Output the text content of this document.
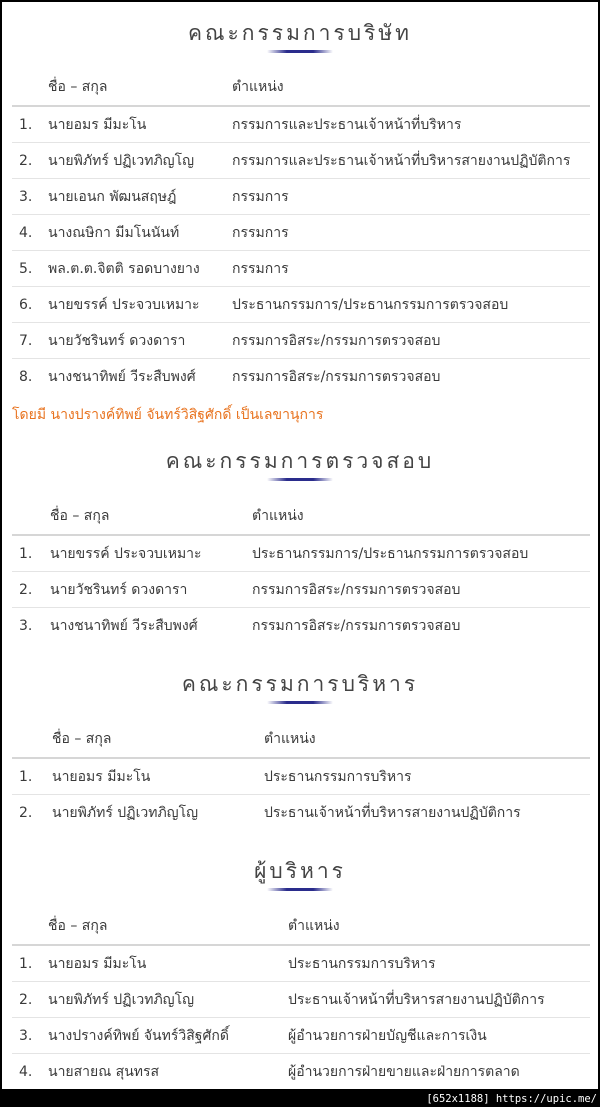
คณะกรรมการบริษัท
	ชื่อ – สกุล	ตำแหน่ง
1.	นายอมร มีมะโน	กรรมการและประธานเจ้าหน้าที่บริหาร
2.	นายพิภัทร์ ปฏิเวทภิญโญ	กรรมการและประธานเจ้าหน้าที่บริหารสายงานปฏิบัติการ
3.	นายเอนก พัฒนสฤษฎ์	กรรมการ
4.	นางณษิกา มีมโนนันท์	กรรมการ
5.	พล.ต.ต.จิตติ รอดบางยาง	กรรมการ
6.	นายขรรค์ ประจวบเหมาะ	ประธานกรรมการ/ประธานกรรมการตรวจสอบ
7.	นายวัชรินทร์ ดวงดารา	กรรมการอิสระ/กรรมการตรวจสอบ
8.	นางชนาทิพย์ วีระสืบพงศ์	กรรมการอิสระ/กรรมการตรวจสอบ

โดยมี นางปรางค์ทิพย์ จันทร์วิสิฐศักดิ์ เป็นเลขานุการ

คณะกรรมการตรวจสอบ
	ชื่อ – สกุล	ตำแหน่ง
1.	นายขรรค์ ประจวบเหมาะ	ประธานกรรมการ/ประธานกรรมการตรวจสอบ
2.	นายวัชรินทร์ ดวงดารา	กรรมการอิสระ/กรรมการตรวจสอบ
3.	นางชนาทิพย์ วีระสืบพงศ์	กรรมการอิสระ/กรรมการตรวจสอบ
คณะกรรมการบริหาร
	ชื่อ – สกุล	ตำแหน่ง
1.	นายอมร มีมะโน	ประธานกรรมการบริหาร
2.	นายพิภัทร์ ปฏิเวทภิญโญ	ประธานเจ้าหน้าที่บริหารสายงานปฏิบัติการ
ผู้บริหาร
	ชื่อ – สกุล	ตำแหน่ง
1.	นายอมร มีมะโน	ประธานกรรมการบริหาร
2.	นายพิภัทร์ ปฏิเวทภิญโญ	ประธานเจ้าหน้าที่บริหารสายงานปฏิบัติการ
3.	นางปรางค์ทิพย์ จันทร์วิสิฐศักดิ์	ผู้อำนวยการฝ่ายบัญชีและการเงิน
4.	นายสายณ สุนทรส	ผู้อำนวยการฝ่ายขายและฝ่ายการตลาด
[652x1188] https://upic.me/
